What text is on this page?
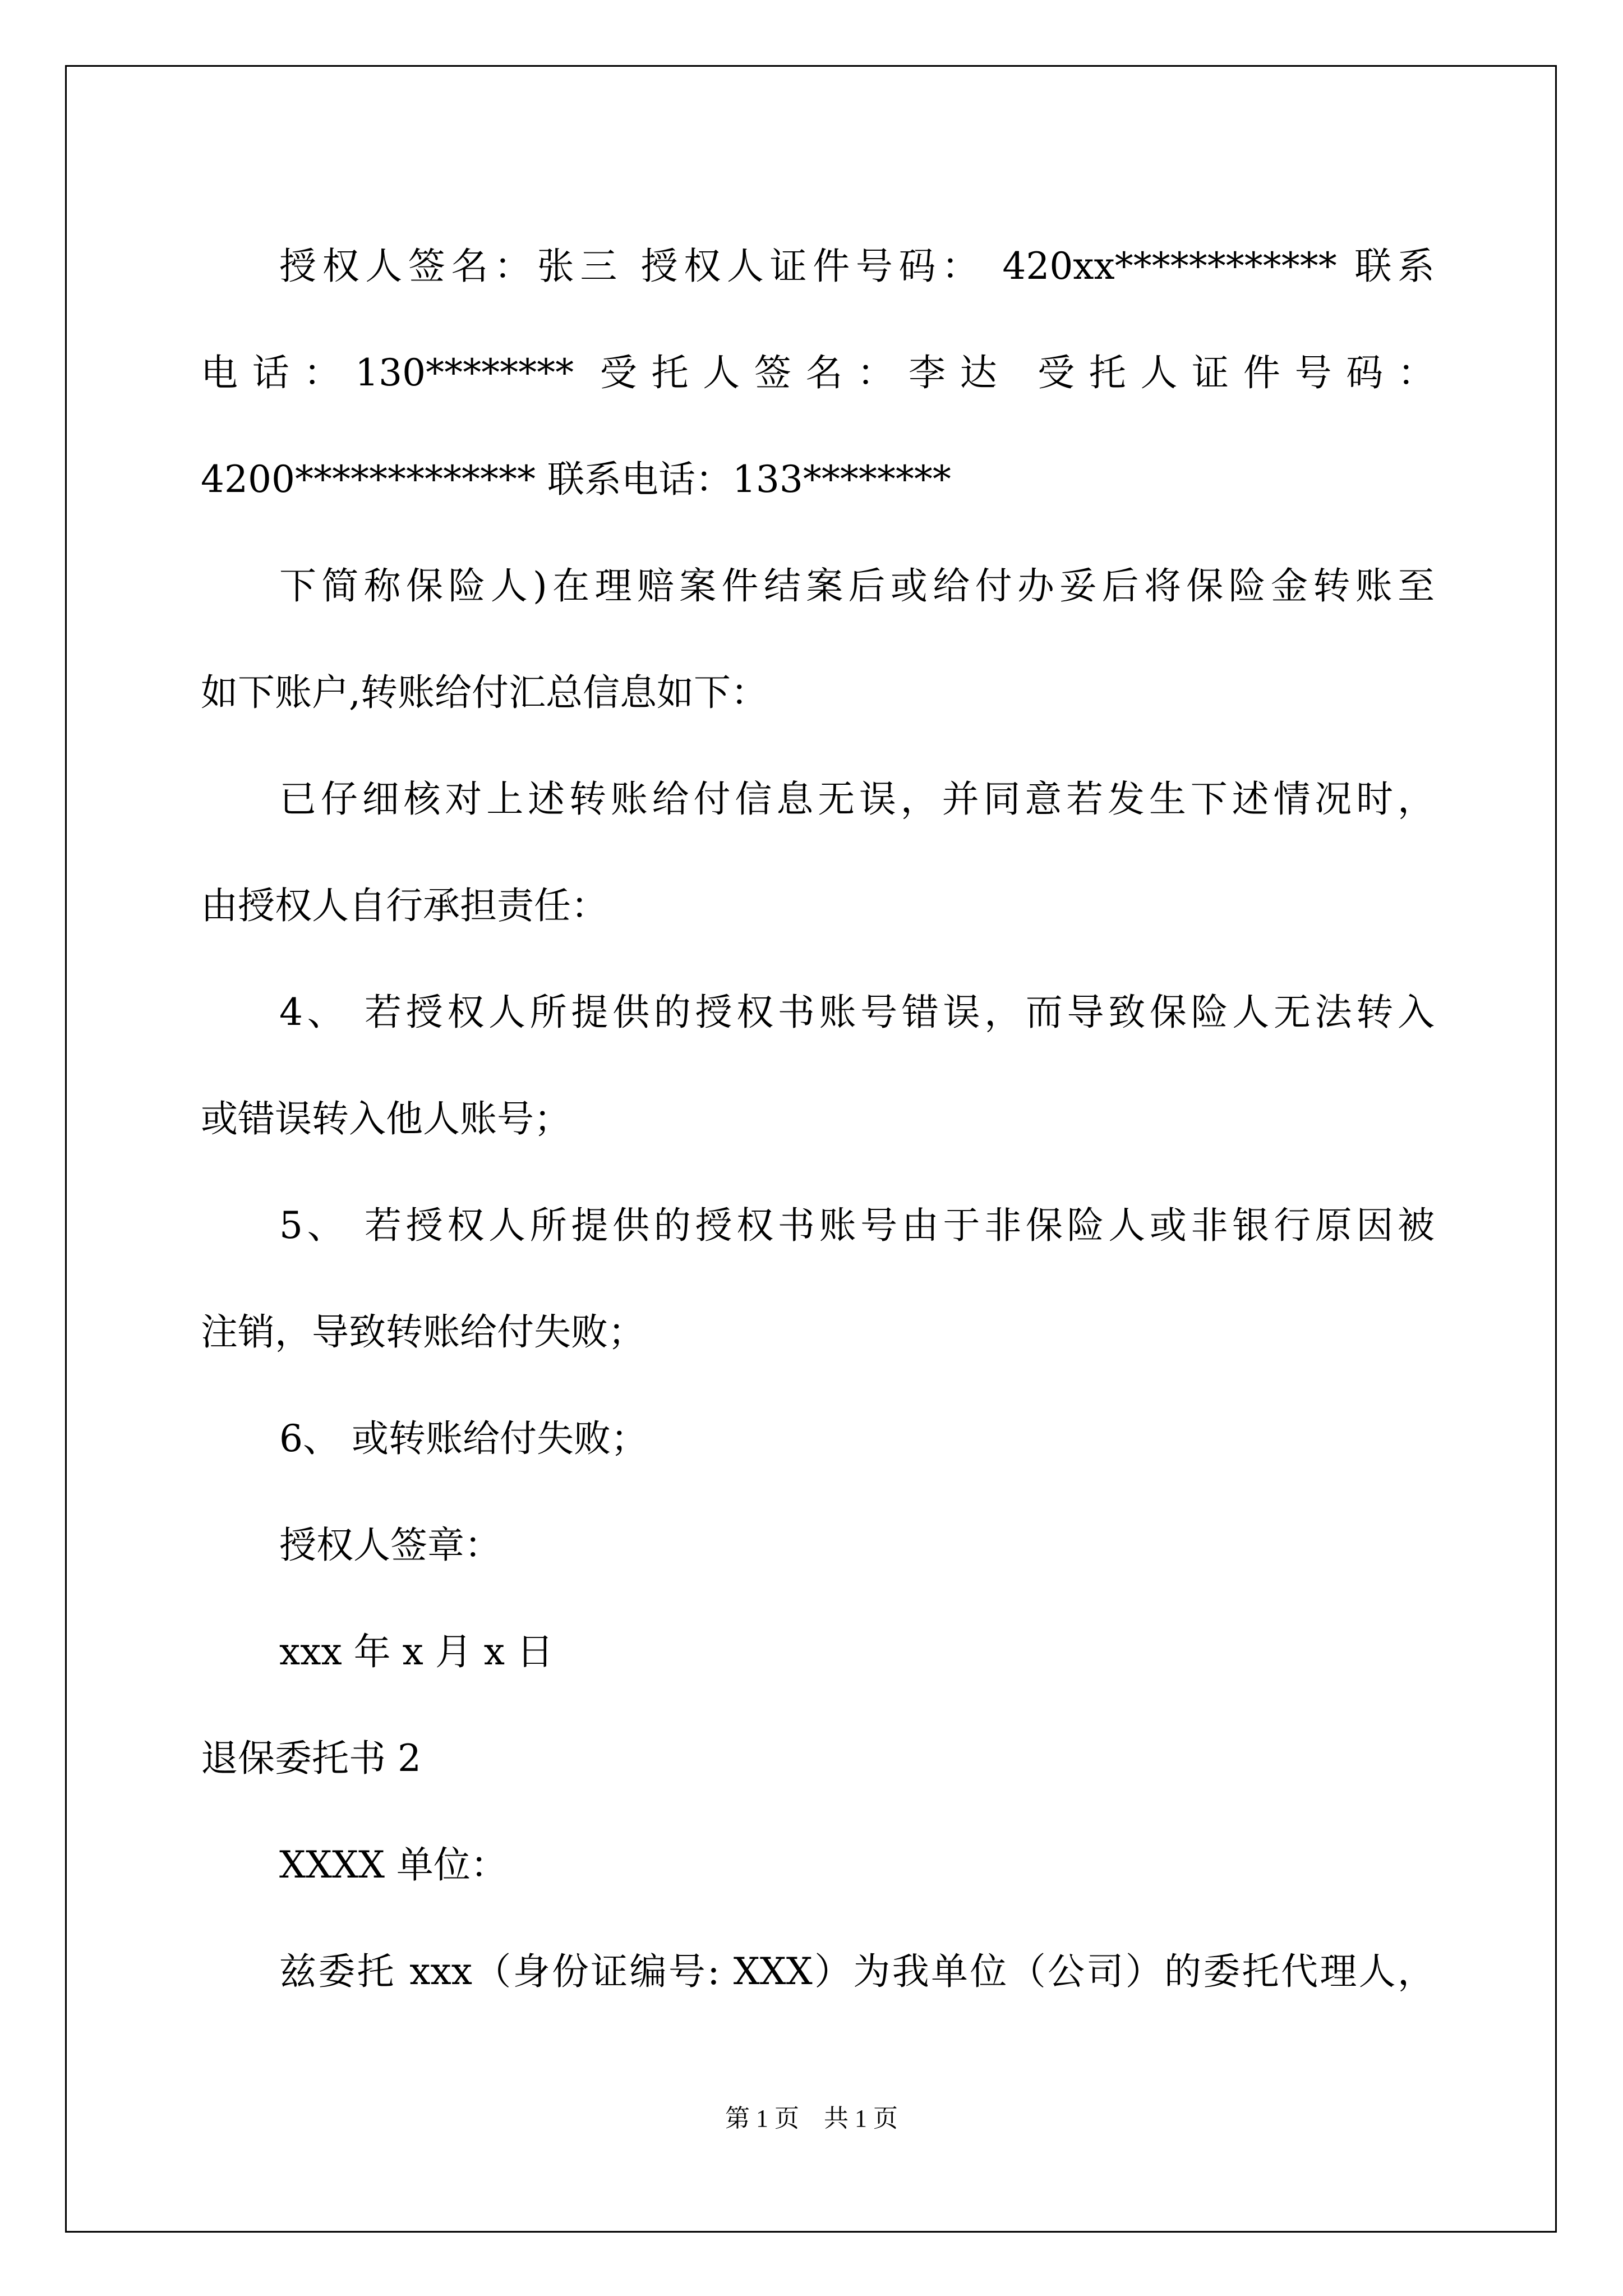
授权人签名：张三 授权人证件号码： 420xx************ 联系
电话：130******** 受托人签名：李达 受托人证件号码：
4200************* 联系电话：133********
下简称保险人)在理赔案件结案后或给付办妥后将保险金转账至
如下账户,转账给付汇总信息如下：
已仔细核对上述转账给付信息无误，并同意若发生下述情况时，
由授权人自行承担责任：
4、 若授权人所提供的授权书账号错误，而导致保险人无法转入
或错误转入他人账号；
5、 若授权人所提供的授权书账号由于非保险人或非银行原因被
注销，导致转账给付失败；
6、 或转账给付失败；
授权人签章：
xxx 年 x 月 x 日
退保委托书 2
XXXX 单位：
兹委托 xxx（身份证编号: XXX）为我单位（公司）的委托代理人，
第 1 页　共 1 页
